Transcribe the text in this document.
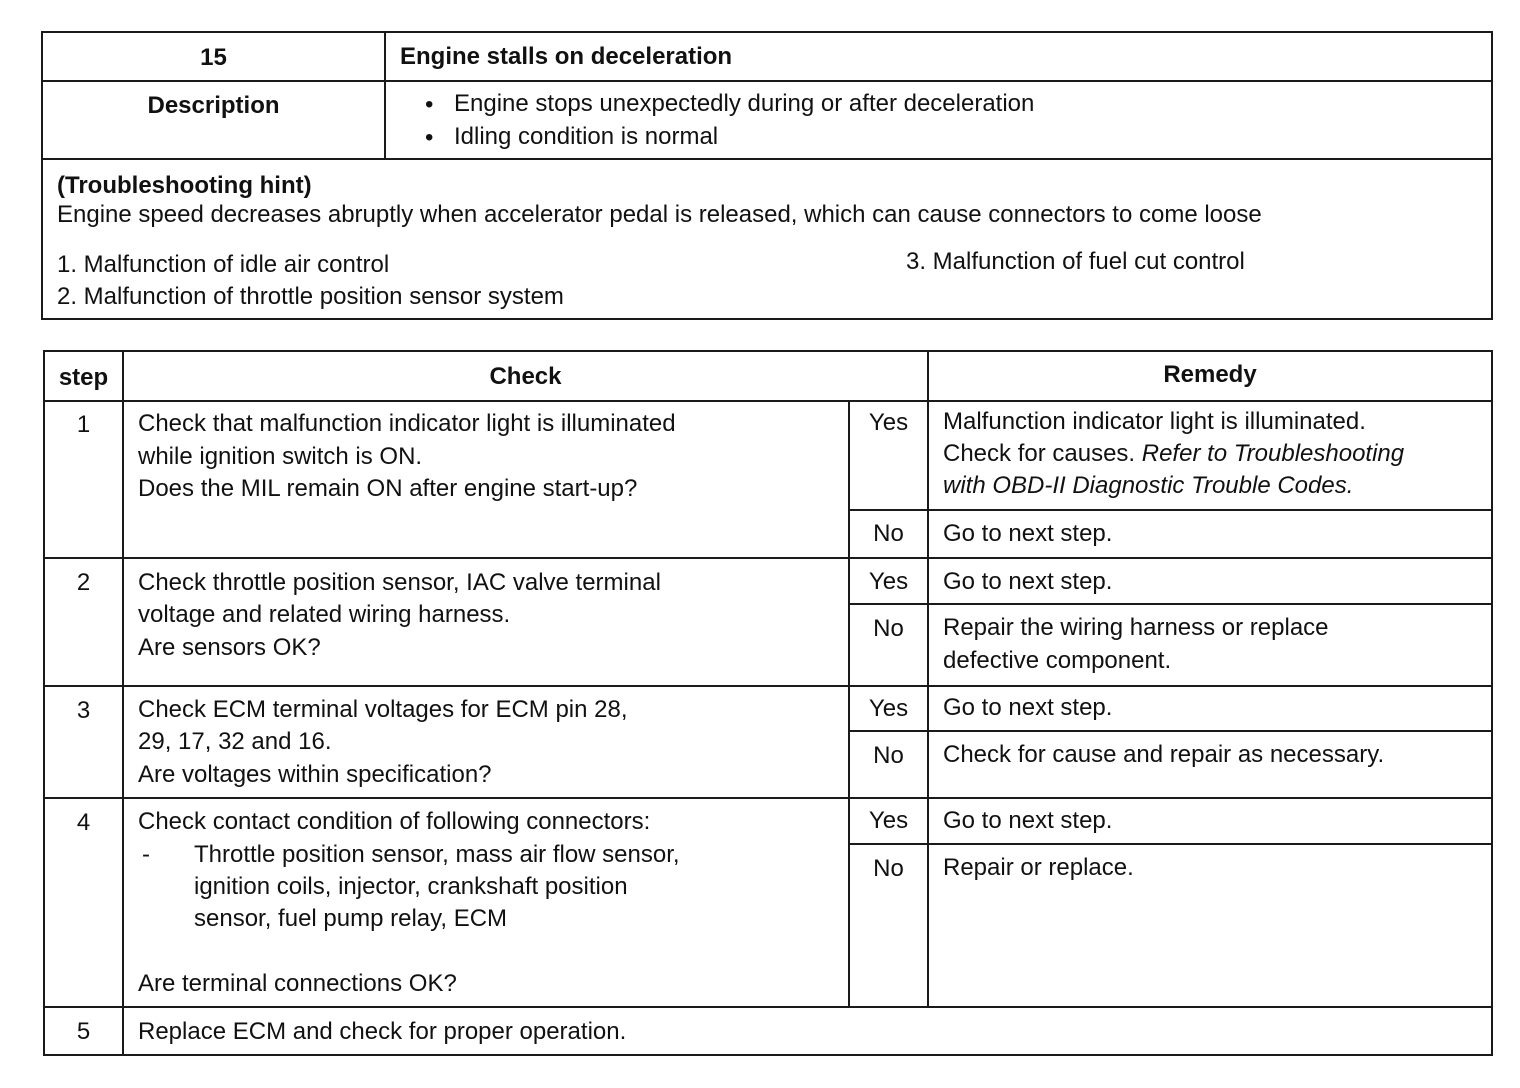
15	Engine stalls on deceleration
Description	• Engine stops unexpectedly during or after deceleration
• Idling condition is normal
(Troubleshooting hint)
Engine speed decreases abruptly when accelerator pedal is released, which can cause connectors to come loose
1. Malfunction of idle air control
2. Malfunction of throttle position sensor system
3. Malfunction of fuel cut control
step	Check	Remedy
1	Check that malfunction indicator light is illuminated
while ignition switch is ON.
Does the MIL remain ON after engine start-up?
Yes	Malfunction indicator light is illuminated.
Check for causes. Refer to Troubleshooting
with OBD-II Diagnostic Trouble Codes.
No	Go to next step.
2	Check throttle position sensor, IAC valve terminal
voltage and related wiring harness.
Are sensors OK?
Yes	Go to next step.
No	Repair the wiring harness or replace
defective component.
3	Check ECM terminal voltages for ECM pin 28,
29, 17, 32 and 16.
Are voltages within specification?
Yes	Go to next step.
No	Check for cause and repair as necessary.
4	Check contact condition of following connectors:
- Throttle position sensor, mass air flow sensor,
ignition coils, injector, crankshaft position
sensor, fuel pump relay, ECM
Are terminal connections OK?
Yes	Go to next step.
No	Repair or replace.
5	Replace ECM and check for proper operation.
